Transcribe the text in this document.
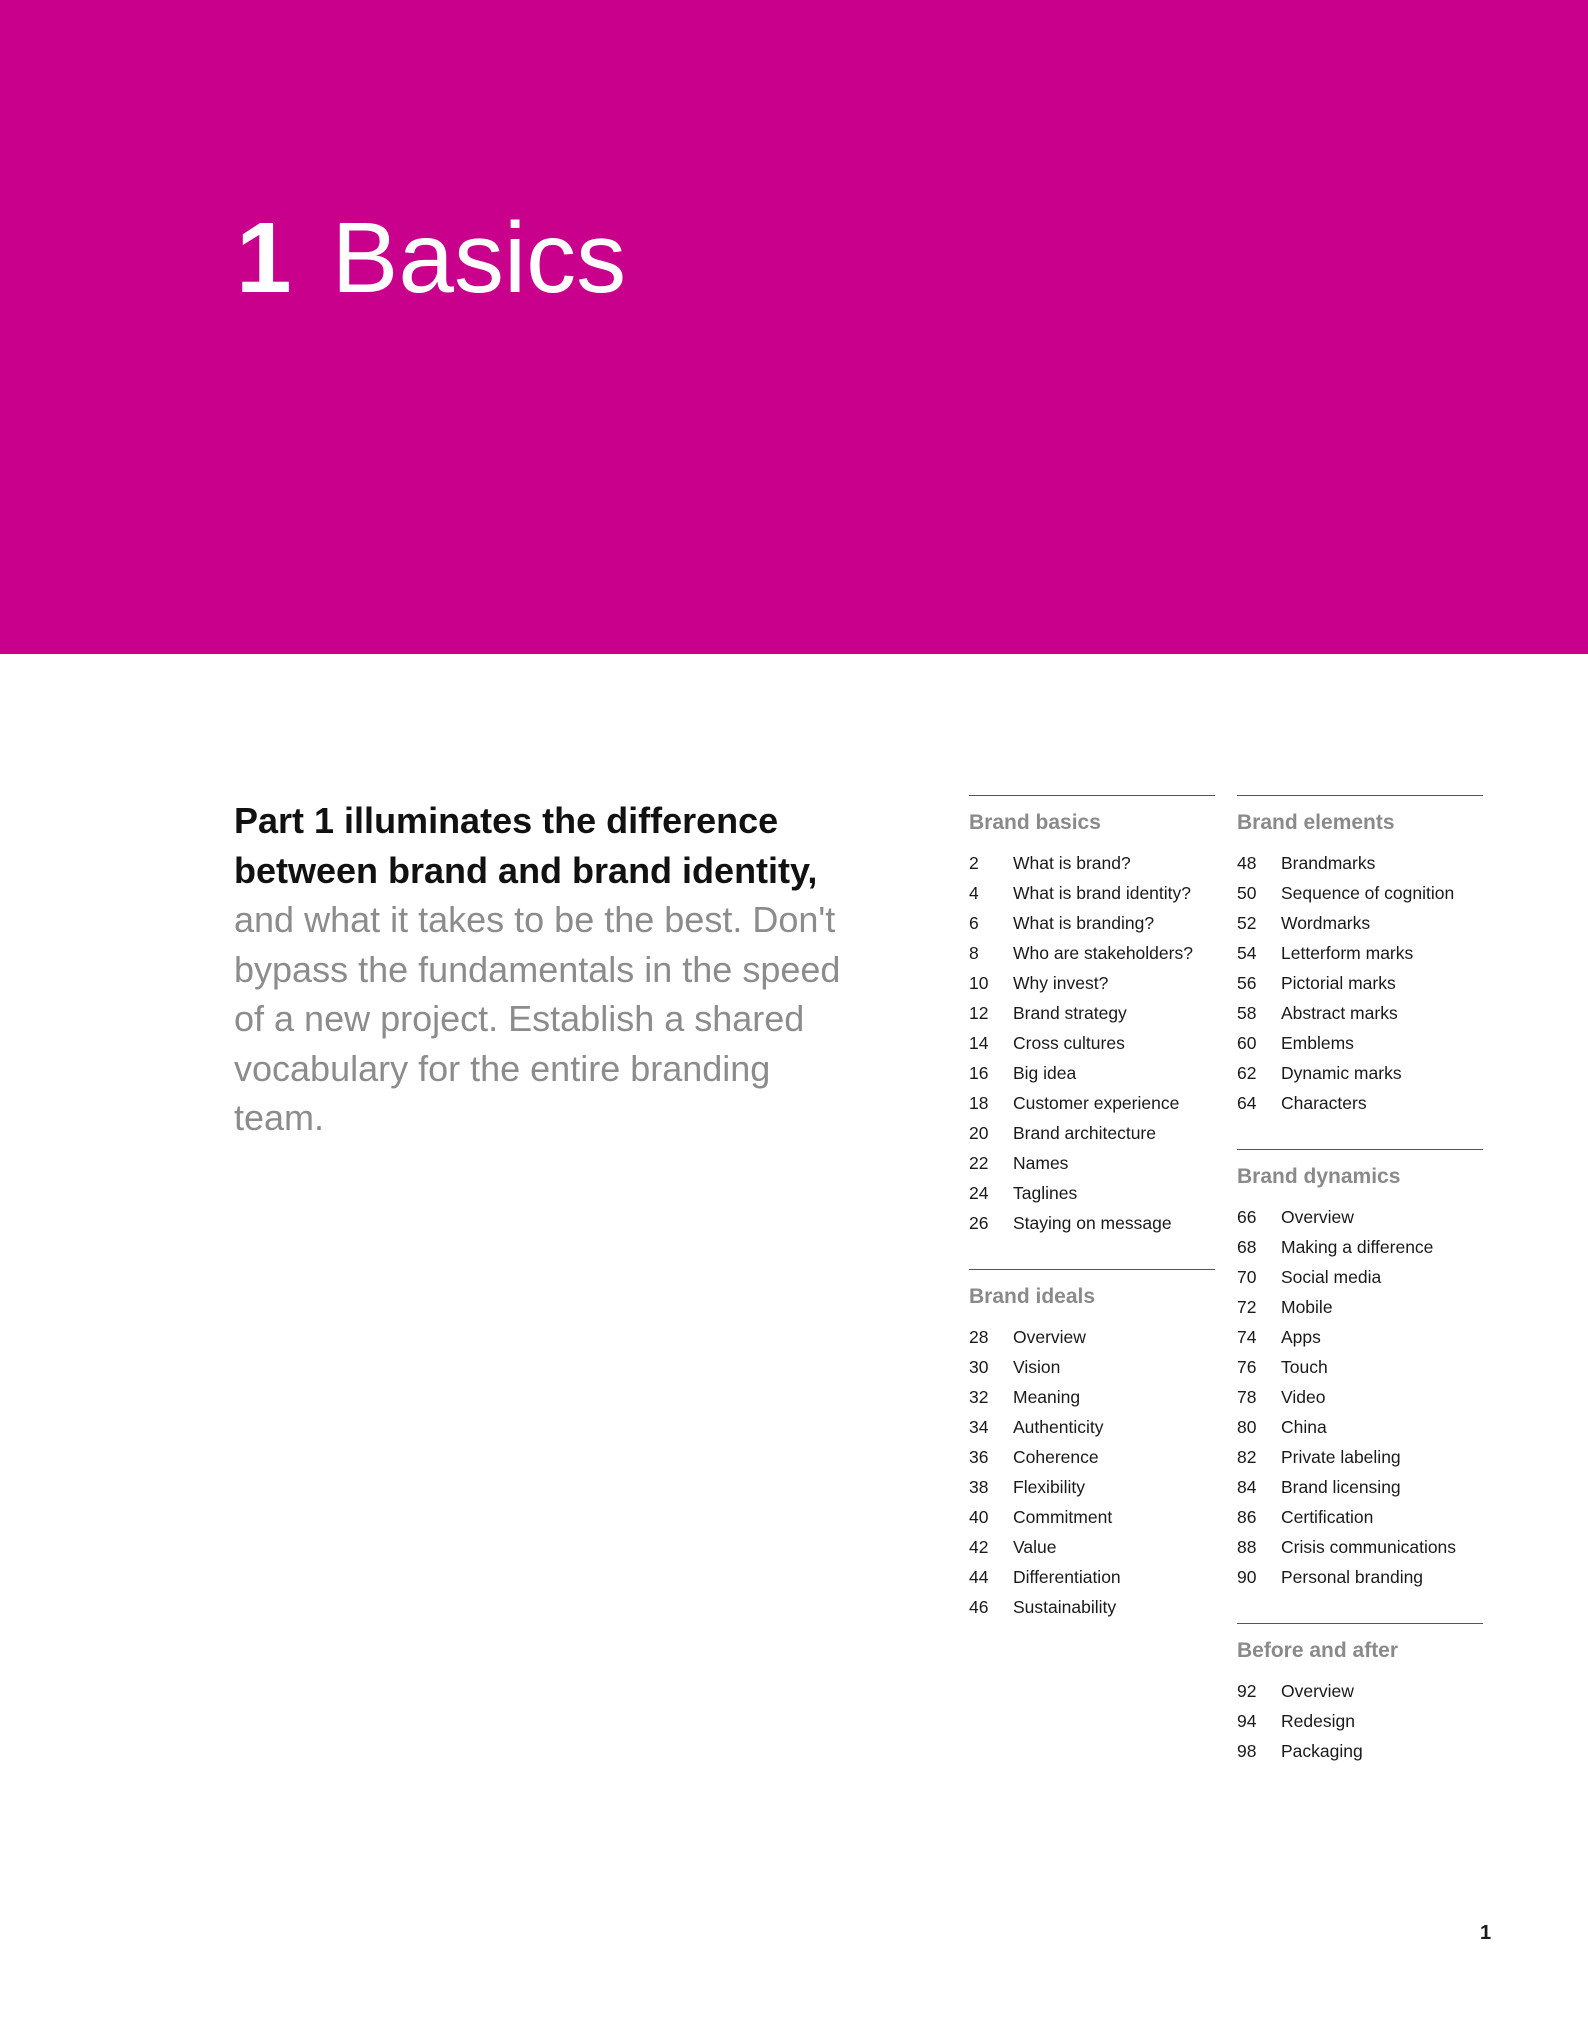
1 Basics

Part 1 illuminates the difference between brand and brand identity, and what it takes to be the best. Don't bypass the fundamentals in the speed of a new project. Establish a shared vocabulary for the entire branding team.

Brand basics
2	What is brand?
4	What is brand identity?
6	What is branding?
8	Who are stakeholders?
10	Why invest?
12	Brand strategy
14	Cross cultures
16	Big idea
18	Customer experience
20	Brand architecture
22	Names
24	Taglines
26	Staying on message
Brand ideals
28	Overview
30	Vision
32	Meaning
34	Authenticity
36	Coherence
38	Flexibility
40	Commitment
42	Value
44	Differentiation
46	Sustainability
Brand elements
48	Brandmarks
50	Sequence of cognition
52	Wordmarks
54	Letterform marks
56	Pictorial marks
58	Abstract marks
60	Emblems
62	Dynamic marks
64	Characters
Brand dynamics
66	Overview
68	Making a difference
70	Social media
72	Mobile
74	Apps
76	Touch
78	Video
80	China
82	Private labeling
84	Brand licensing
86	Certification
88	Crisis communications
90	Personal branding
Before and after
92	Overview
94	Redesign
98	Packaging
1
